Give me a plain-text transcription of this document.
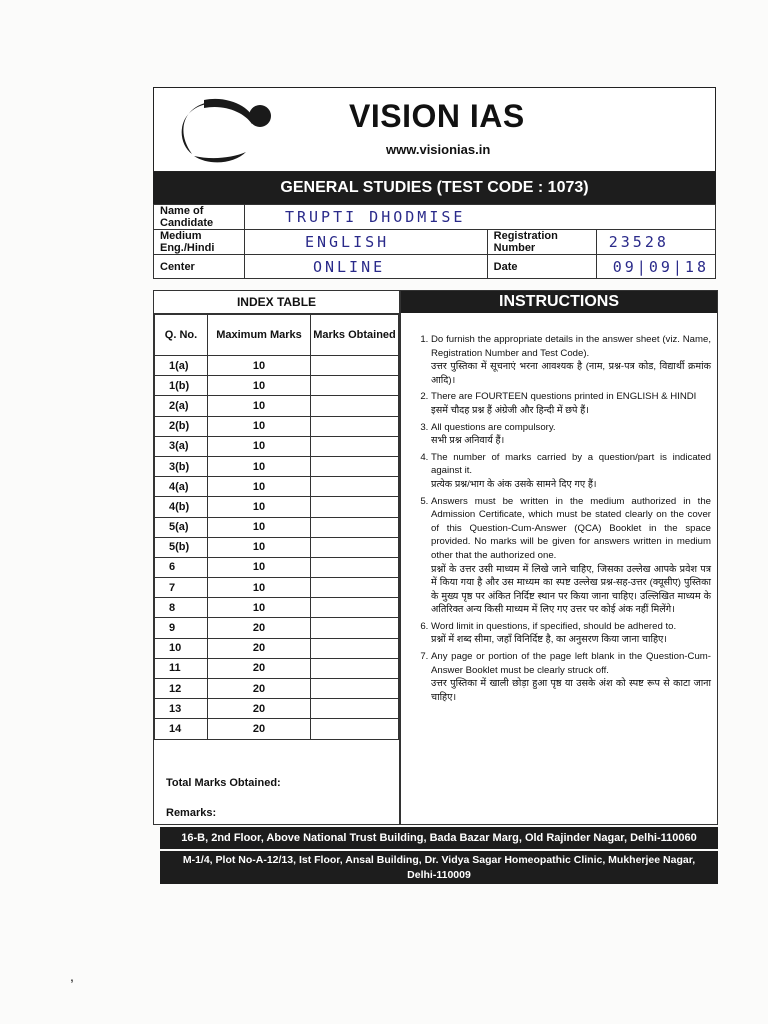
VISION IAS
www.visionias.in
GENERAL STUDIES (TEST CODE : 1073)
Name of Candidate	TRUPTI DHODMISE		
Medium Eng./Hindi	ENGLISH	Registration Number	23528
Center	ONLINE	Date	09|09|18
INDEX TABLE
Q. No.	Maximum Marks	Marks Obtained
1(a)	10	
1(b)	10	
2(a)	10	
2(b)	10	
3(a)	10	
3(b)	10	
4(a)	10	
4(b)	10	
5(a)	10	
5(b)	10	
6	10	
7	10	
8	10	
9	20	
10	20	
11	20	
12	20	
13	20	
14	20	
Total Marks Obtained:
Remarks:
INSTRUCTIONS
1. Do furnish the appropriate details in the answer sheet (viz. Name, Registration Number and Test Code).
उत्तर पुस्तिका में सूचनाएं भरना आवश्यक है (नाम, प्रश्न-पत्र कोड, विद्यार्थी क्रमांक आदि)।
2. There are FOURTEEN questions printed in ENGLISH & HINDI
इसमें चौदह प्रश्न हैं अंग्रेजी और हिन्दी में छपे हैं।
3. All questions are compulsory.
सभी प्रश्न अनिवार्य हैं।
4. The number of marks carried by a question/part is indicated against it.
प्रत्येक प्रश्न/भाग के अंक उसके सामने दिए गए हैं।
5. Answers must be written in the medium authorized in the Admission Certificate, which must be stated clearly on the cover of this Question-Cum-Answer (QCA) Booklet in the space provided. No marks will be given for answers written in medium other that the authorized one.
प्रश्नों के उत्तर उसी माध्यम में लिखे जाने चाहिए, जिसका उल्लेख आपके प्रवेश पत्र में किया गया है और उस माध्यम का स्पष्ट उल्लेख प्रश्न-सह-उत्तर (क्यूसीए) पुस्तिका के मुख्य पृष्ठ पर अंकित निर्दिष्ट स्थान पर किया जाना चाहिए। उल्लिखित माध्यम के अतिरिक्त अन्य किसी माध्यम में लिए गए उत्तर पर कोई अंक नहीं मिलेंगे।
6. Word limit in questions, if specified, should be adhered to.
प्रश्नों में शब्द सीमा, जहाँ विनिर्दिष्ट है, का अनुसरण किया जाना चाहिए।
7. Any page or portion of the page left blank in the Question-Cum-Answer Booklet must be clearly struck off.
उत्तर पुस्तिका में खाली छोड़ा हुआ पृष्ठ या उसके अंश को स्पष्ट रूप से काटा जाना चाहिए।
16-B, 2nd Floor, Above National Trust Building, Bada Bazar Marg, Old Rajinder Nagar, Delhi-110060
M-1/4, Plot No-A-12/13, Ist Floor, Ansal Building, Dr. Vidya Sagar Homeopathic Clinic, Mukherjee Nagar,
Delhi-110009
,
